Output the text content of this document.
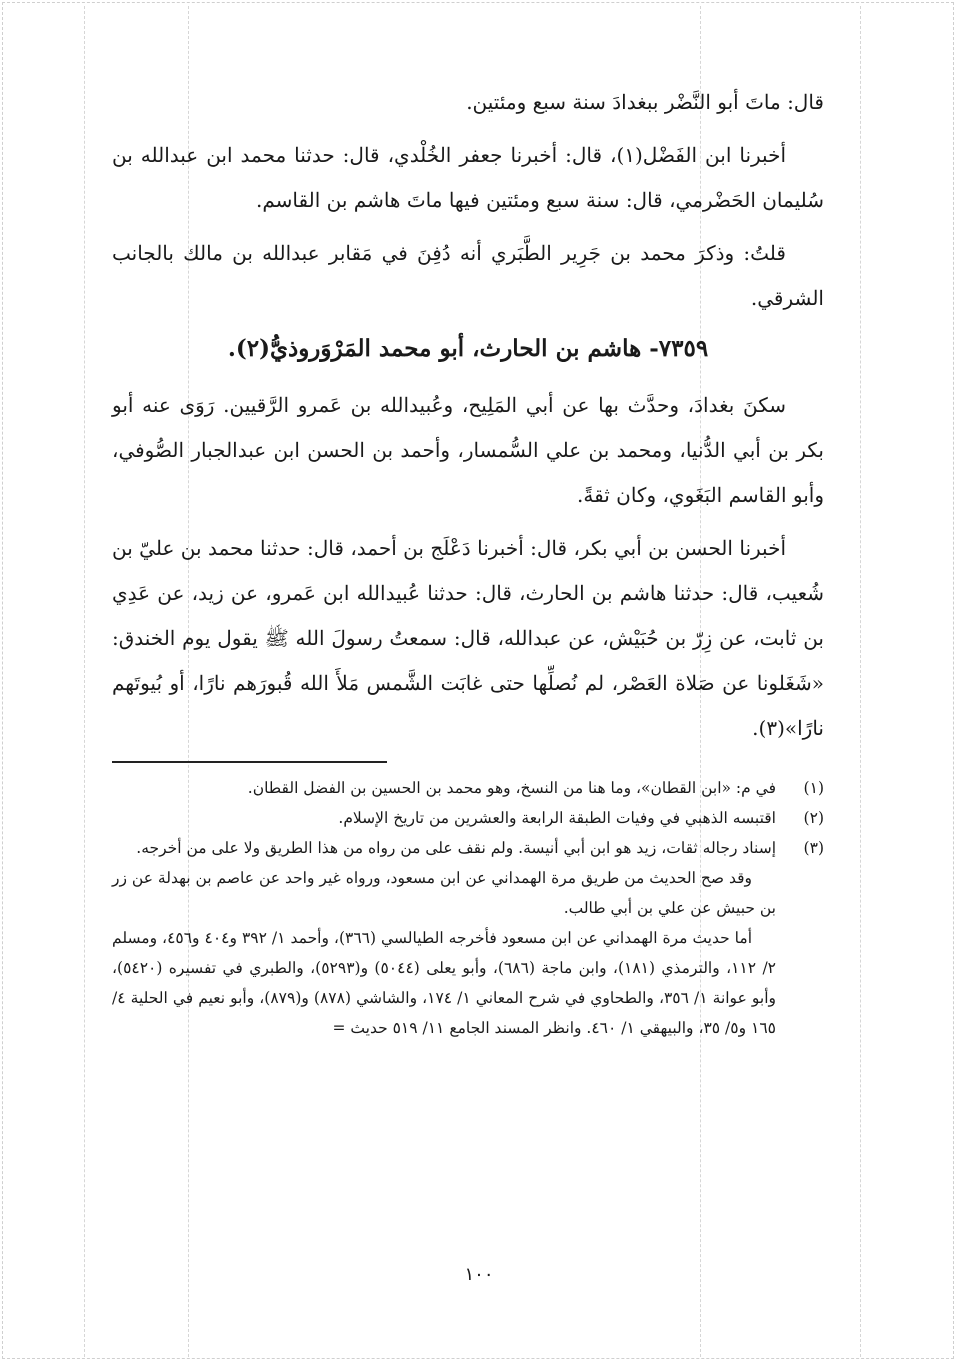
قال: ماتَ أبو النَّضْر ببغدادَ سنة سبع ومئتين.

أخبرنا ابن الفَضْل(١)، قال: أخبرنا جعفر الخُلْدي، قال: حدثنا محمد ابن عبدالله بن سُليمان الحَضْرمي، قال: سنة سبع ومئتين فيها ماتَ هاشم بن القاسم.

قلتُ: وذكرَ محمد بن جَرِير الطَّبَري أنه دُفِنَ في مَقابر عبدالله بن مالك بالجانب الشرقي.

٧٣٥٩- هاشم بن الحارث، أبو محمد المَرْوَروذيُّ(٢).

سكنَ بغدادَ، وحدَّث بها عن أبي المَلِيح، وعُبيدالله بن عَمرو الرَّقيين. رَوَى عنه أبو بكر بن أبي الدُّنيا، ومحمد بن علي السُّمسار، وأحمد بن الحسن ابن عبدالجبار الصُّوفي، وأبو القاسم البَغَوي، وكان ثقةً.

أخبرنا الحسن بن أبي بكر، قال: أخبرنا دَعْلَج بن أحمد، قال: حدثنا محمد بن عليّ بن شُعيب، قال: حدثنا هاشم بن الحارث، قال: حدثنا عُبيدالله ابن عَمرو، عن زيد، عن عَدِي بن ثابت، عن زِرّ بن حُبَيْش، عن عبدالله، قال: سمعتُ رسولَ الله ﷺ يقول يوم الخندق: «شَغَلونا عن صَلاة العَصْر، لم نُصلِّها حتى غابَت الشَّمس مَلأَ الله قُبورَهم نارًا، أو بُيوتَهم نارًا»(٣).

(١)
في م: «ابن القطان»، وما هنا من النسخ، وهو محمد بن الحسين بن الفضل القطان.
(٢)
اقتبسه الذهبي في وفيات الطبقة الرابعة والعشرين من تاريخ الإسلام.
(٣)
إسناد رجاله ثقات، زيد هو ابن أبي أنيسة. ولم نقف على من رواه من هذا الطريق ولا على من أخرجه.

وقد صح الحديث من طريق مرة الهمداني عن ابن مسعود، ورواه غير واحد عن عاصم بن بهدلة عن زر بن حبيش عن علي بن أبي طالب.

أما حديث مرة الهمداني عن ابن مسعود فأخرجه الطيالسي (٣٦٦)، وأحمد ١/ ٣٩٢ و٤٠٤ و٤٥٦، ومسلم ٢/ ١١٢، والترمذي (١٨١)، وابن ماجة (٦٨٦)، وأبو يعلى (٥٠٤٤) و(٥٢٩٣)، والطبري في تفسيره (٥٤٢٠)، وأبو عوانة ١/ ٣٥٦، والطحاوي في شرح المعاني ١/ ١٧٤، والشاشي (٨٧٨) و(٨٧٩)، وأبو نعيم في الحلية ٤/ ١٦٥ و٥/ ٣٥، والبيهقي ١/ ٤٦٠. وانظر المسند الجامع ١١/ ٥١٩ حديث =

١٠٠
